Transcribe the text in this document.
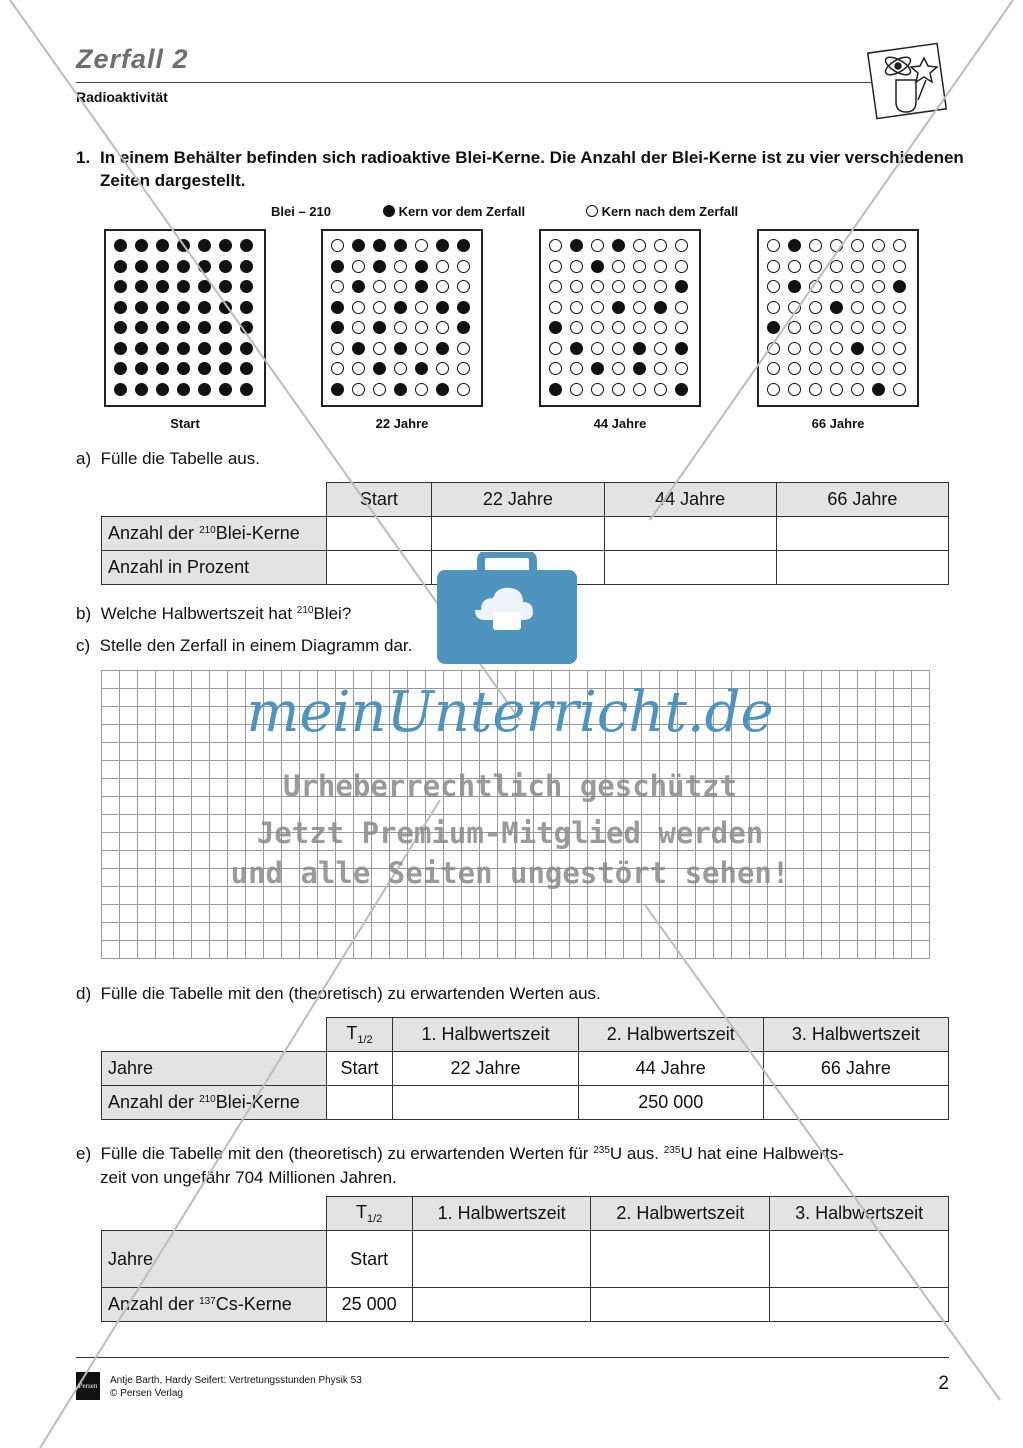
Zerfall 2
Radioaktivität
1. In einem Behälter befinden sich radioaktive Blei-Kerne. Die Anzahl der Blei-Kerne ist zu vier verschiedenen Zeiten dargestellt.
Blei – 210	Kern vor dem Zerfall	Kern nach dem Zerfall
Start	22 Jahre	44 Jahre	66 Jahre
a) Fülle die Tabelle aus.
	Start	22 Jahre	44 Jahre	66 Jahre
Anzahl der $^{210}$Blei-Kerne				
Anzahl in Prozent				
b) Welche Halbwertszeit hat $^{210}$Blei?
c) Stelle den Zerfall in einem Diagramm dar.
d) Fülle die Tabelle mit den (theoretisch) zu erwartenden Werten aus.
	$T_{1/2}$	1. Halbwertszeit	2. Halbwertszeit	3. Halbwertszeit
Jahre	Start	22 Jahre	44 Jahre	66 Jahre
Anzahl der $^{210}$Blei-Kerne			250 000	
e) Fülle die Tabelle mit den (theoretisch) zu erwartenden Werten für $^{235}$U aus. $^{235}$U hat eine Halbwerts-
zeit von ungefähr 704 Millionen Jahren.
	$T_{1/2}$	1. Halbwertszeit	2. Halbwertszeit	3. Halbwertszeit
Jahre	Start			
Anzahl der $^{137}$Cs-Kerne	25 000			
Persen Antje Barth, Hardy Seifert: Vertretungsstunden Physik 53
© Persen Verlag	2
meinUnterricht.de
Urheberrechtlich geschützt
Jetzt Premium-Mitglied werden
und alle Seiten ungestört sehen!
